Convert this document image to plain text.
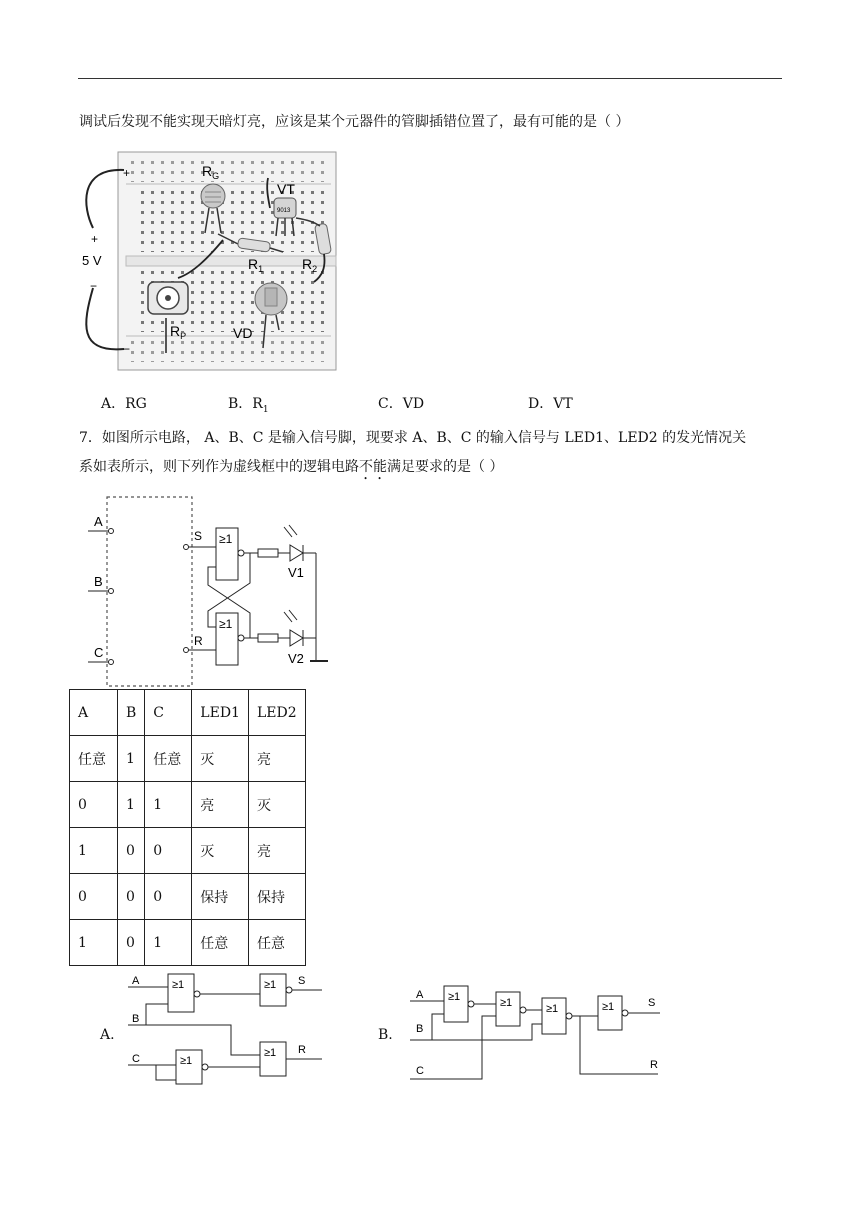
调试后发现不能实现天暗灯亮，应该是某个元器件的管脚插错位置了，最有可能的是（ ）
+
5 V
−
+
−
$R_G$
9013
VT
$R_1$	$R_2$
$R_P$	VD
A．RG	B．$R_1$	C．VD	D．VT
7．如图所示电路， A、B、C 是输入信号脚，现要求 A、B、C 的输入信号与 LED1、LED2 的发光情况关
系如表所示，则下列作为虚线框中的逻辑电路不能满足要求的是（ ）
A
B
C
S
R
≥1
≥1
V1
V2
A	B	C	LED1	LED2
任意	1	任意	灭	亮
0	1	1	亮	灭
1	0	0	灭	亮
0	0	0	保持	保持
1	0	1	任意	任意
A.
A
B
C
≥1	≥1 S
≥1
≥1 R
B.
A
B
C
≥1	≥1	≥1
R
≥1	S
